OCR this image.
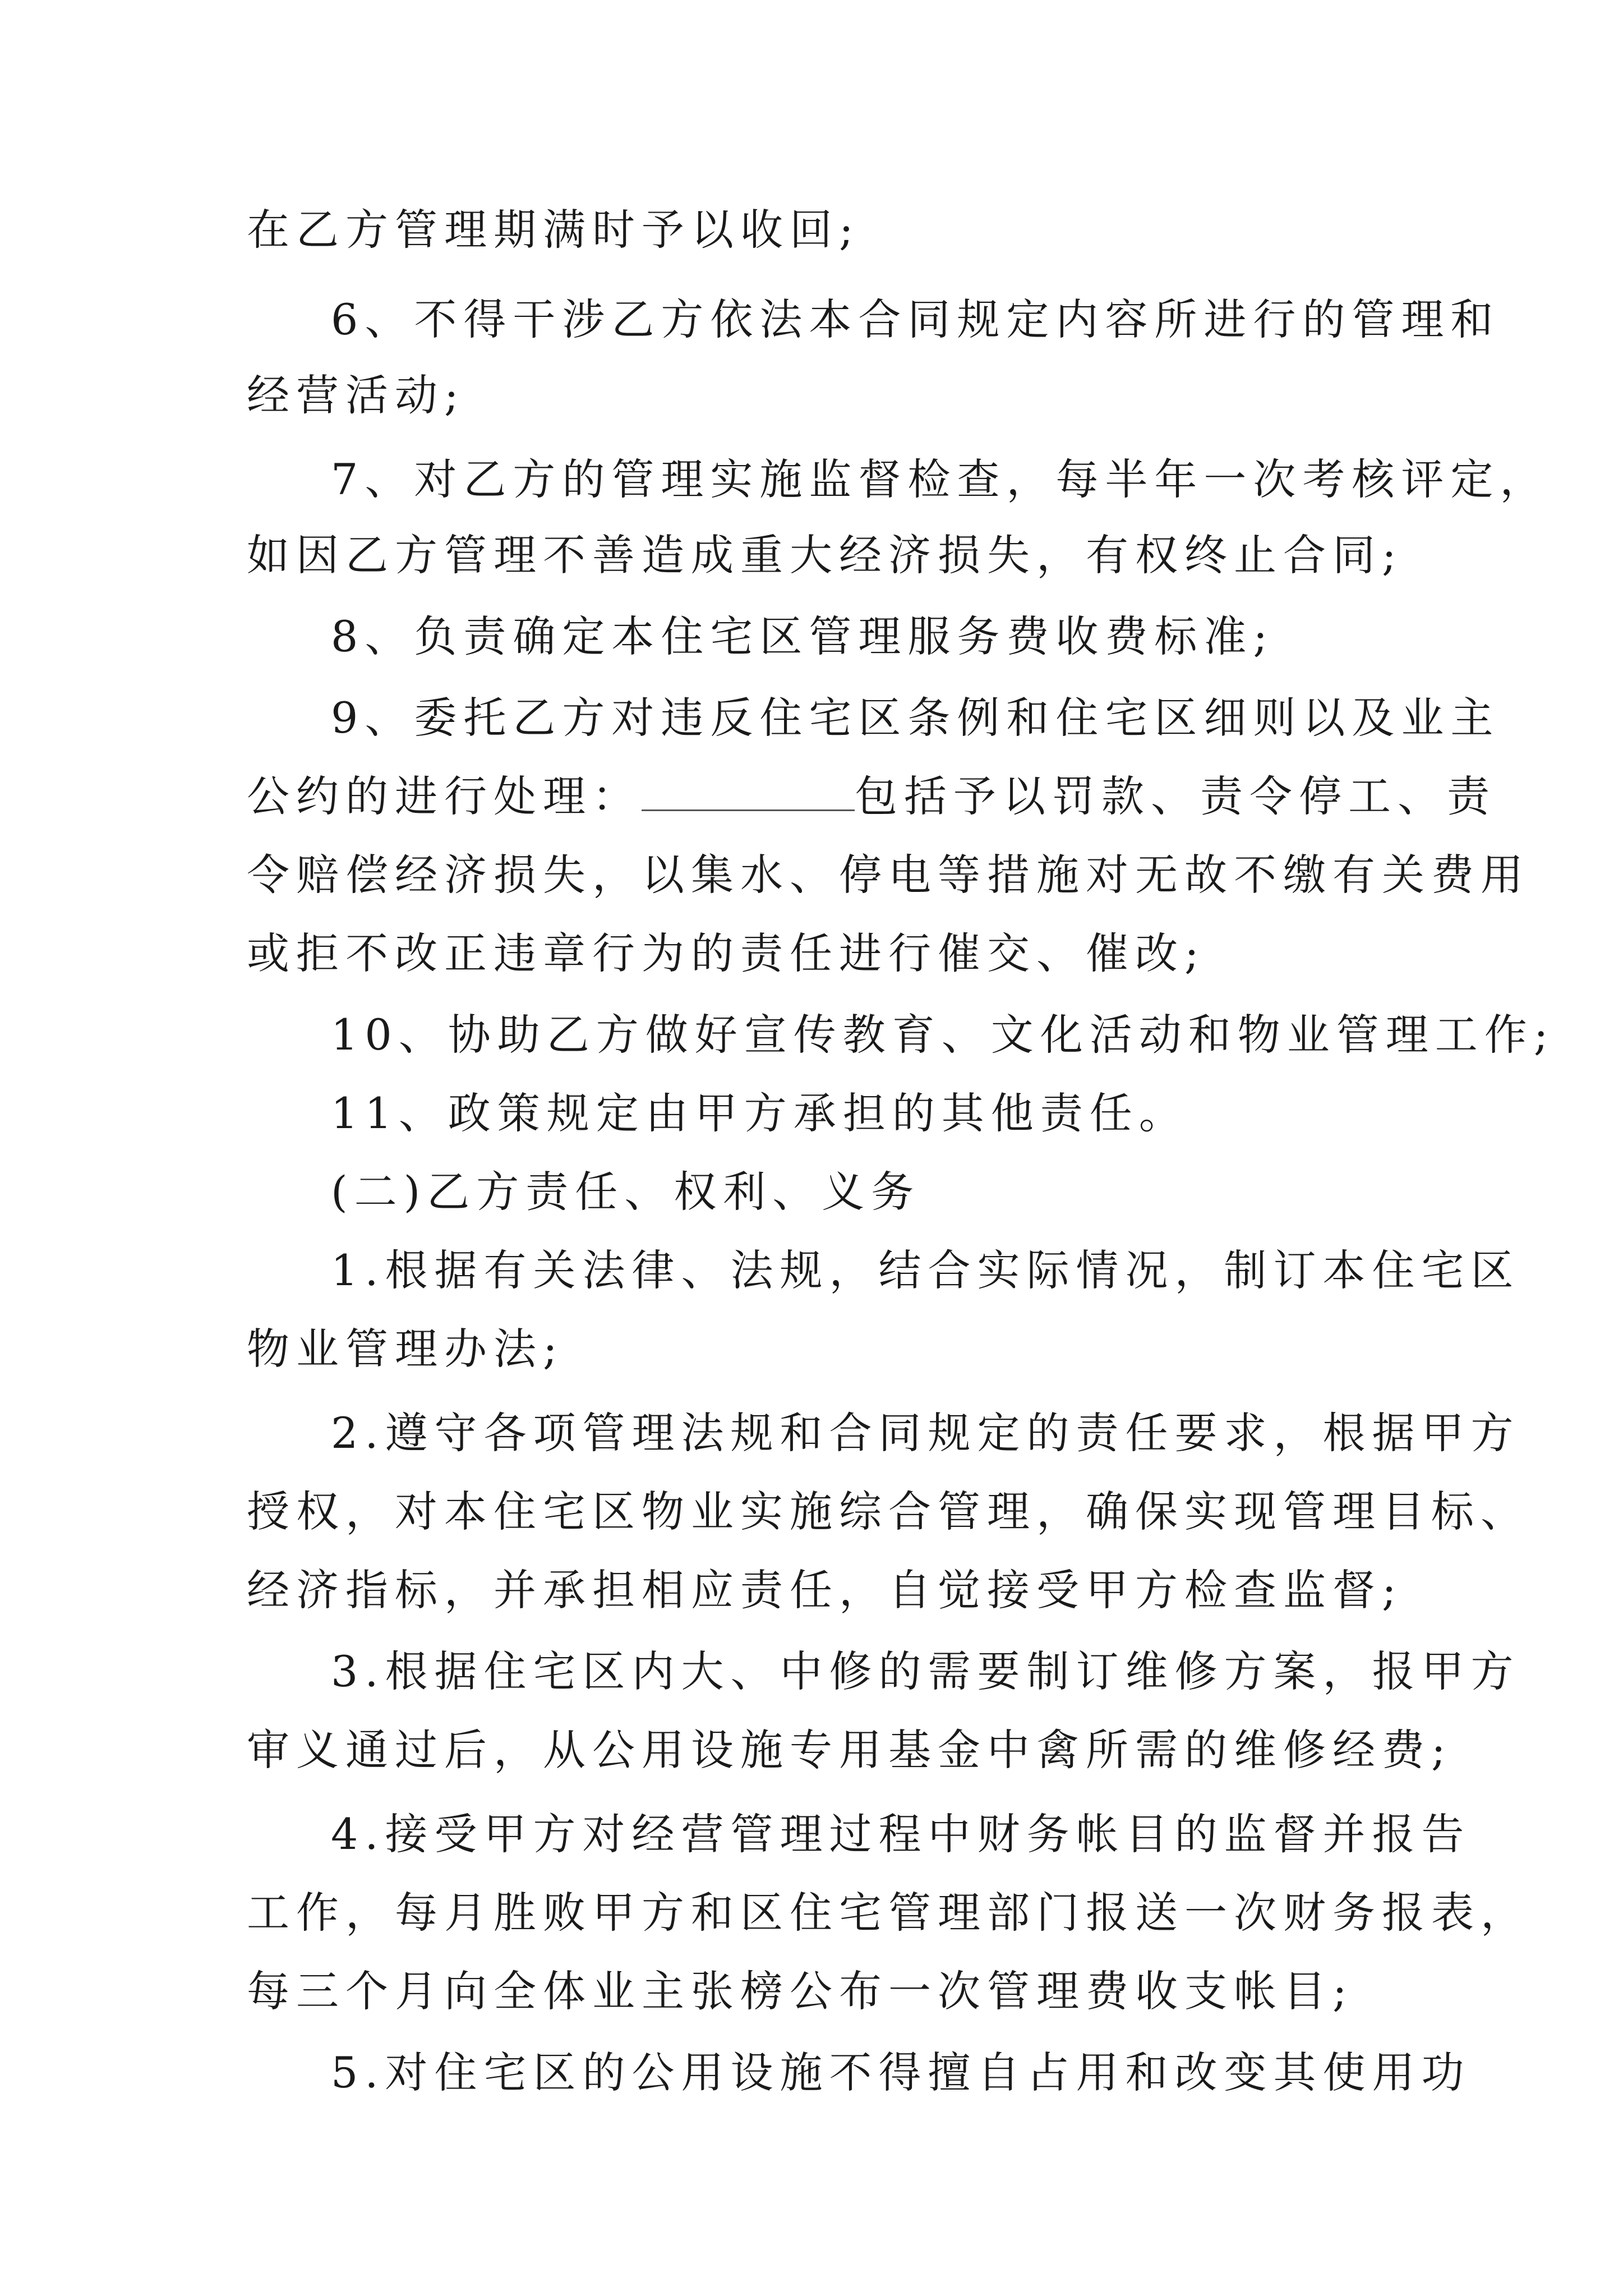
在乙方管理期满时予以收回;
6、不得干涉乙方依法本合同规定内容所进行的管理和
经营活动;
7、对乙方的管理实施监督检查，每半年一次考核评定，
如因乙方管理不善造成重大经济损失，有权终止合同;
8、负责确定本住宅区管理服务费收费标准;
9、委托乙方对违反住宅区条例和住宅区细则以及业主
公约的进行处理：	包括予以罚款、责令停工、责
令赔偿经济损失，以集水、停电等措施对无故不缴有关费用
或拒不改正违章行为的责任进行催交、催改;
10、协助乙方做好宣传教育、文化活动和物业管理工作;
11、政策规定由甲方承担的其他责任。
(二)乙方责任、权利、义务
1.根据有关法律、法规，结合实际情况，制订本住宅区
物业管理办法;
2.遵守各项管理法规和合同规定的责任要求，根据甲方
授权，对本住宅区物业实施综合管理，确保实现管理目标、
经济指标，并承担相应责任，自觉接受甲方检查监督;
3.根据住宅区内大、中修的需要制订维修方案，报甲方
审义通过后，从公用设施专用基金中禽所需的维修经费;
4.接受甲方对经营管理过程中财务帐目的监督并报告
工作，每月胜败甲方和区住宅管理部门报送一次财务报表，
每三个月向全体业主张榜公布一次管理费收支帐目;
5.对住宅区的公用设施不得擅自占用和改变其使用功
